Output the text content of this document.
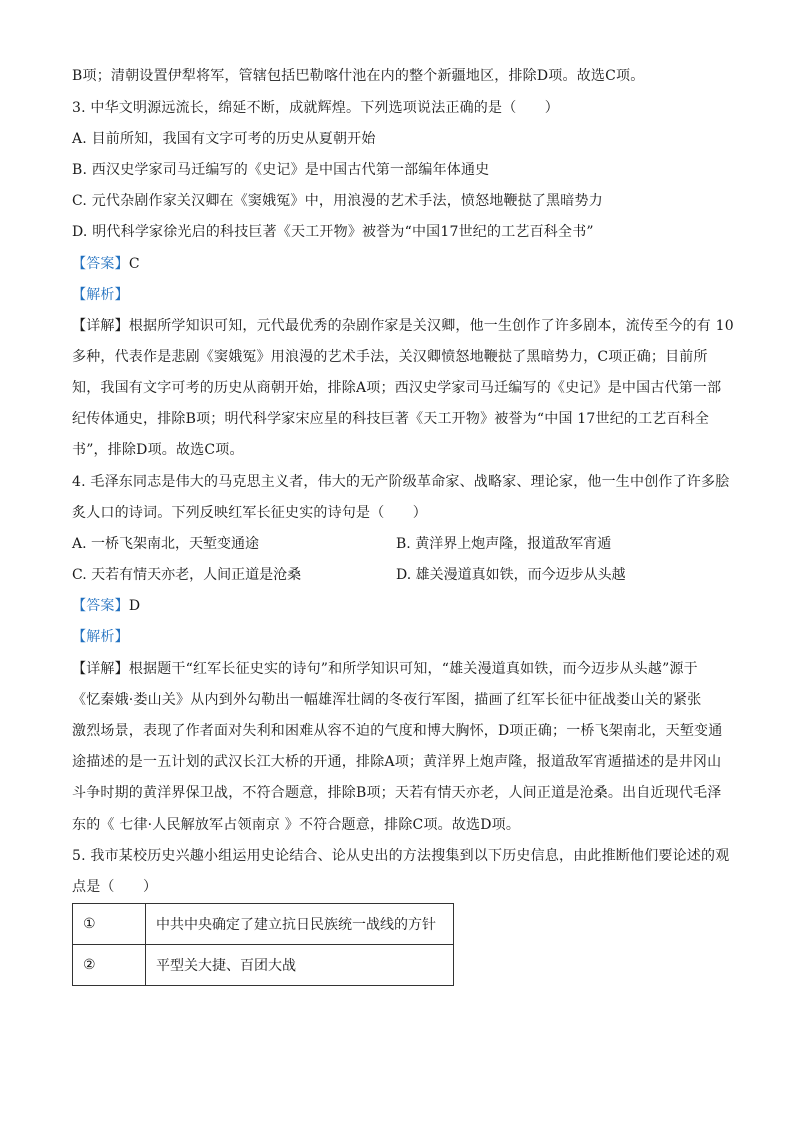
B项；清朝设置伊犁将军，管辖包括巴勒喀什池在内的整个新疆地区，排除D项。故选C项。
3. 中华文明源远流长，绵延不断，成就辉煌。下列选项说法正确的是（　　）
A. 目前所知，我国有文字可考的历史从夏朝开始
B. 西汉史学家司马迁编写的《史记》是中国古代第一部编年体通史
C. 元代杂剧作家关汉卿在《窦娥冤》中，用浪漫的艺术手法，愤怒地鞭挞了黑暗势力
D. 明代科学家徐光启的科技巨著《天工开物》被誉为“中国17世纪的工艺百科全书”
【答案】C
【解析】
【详解】根据所学知识可知，元代最优秀的杂剧作家是关汉卿，他一生创作了许多剧本，流传至今的有 10
多种，代表作是悲剧《窦娥冤》用浪漫的艺术手法，关汉卿愤怒地鞭挞了黑暗势力，C项正确；目前所
知，我国有文字可考的历史从商朝开始，排除A项；西汉史学家司马迁编写的《史记》是中国古代第一部
纪传体通史，排除B项；明代科学家宋应星的科技巨著《天工开物》被誉为“中国 17世纪的工艺百科全
书”，排除D项。故选C项。
4. 毛泽东同志是伟大的马克思主义者，伟大的无产阶级革命家、战略家、理论家，他一生中创作了许多脍
炙人口的诗词。下列反映红军长征史实的诗句是（　　）
A. 一桥飞架南北，天堑变通途	B. 黄洋界上炮声隆，报道敌军宵遁
C. 天若有情天亦老，人间正道是沧桑	D. 雄关漫道真如铁，而今迈步从头越
【答案】D
【解析】
【详解】根据题干“红军长征史实的诗句”和所学知识可知，“雄关漫道真如铁，而今迈步从头越”源于
《忆秦娥·娄山关》从内到外勾勒出一幅雄浑壮阔的冬夜行军图，描画了红军长征中征战娄山关的紧张
激烈场景，表现了作者面对失利和困难从容不迫的气度和博大胸怀，D项正确；一桥飞架南北，天堑变通
途描述的是一五计划的武汉长江大桥的开通，排除A项；黄洋界上炮声隆，报道敌军宵遁描述的是井冈山
斗争时期的黄洋界保卫战，不符合题意，排除B项；天若有情天亦老，人间正道是沧桑。出自近现代毛泽
东的《 七律·人民解放军占领南京 》不符合题意，排除C项。故选D项。
5. 我市某校历史兴趣小组运用史论结合、论从史出的方法搜集到以下历史信息，由此推断他们要论述的观
点是（　　）
①	中共中央确定了建立抗日民族统一战线的方针
②	平型关大捷、百团大战
